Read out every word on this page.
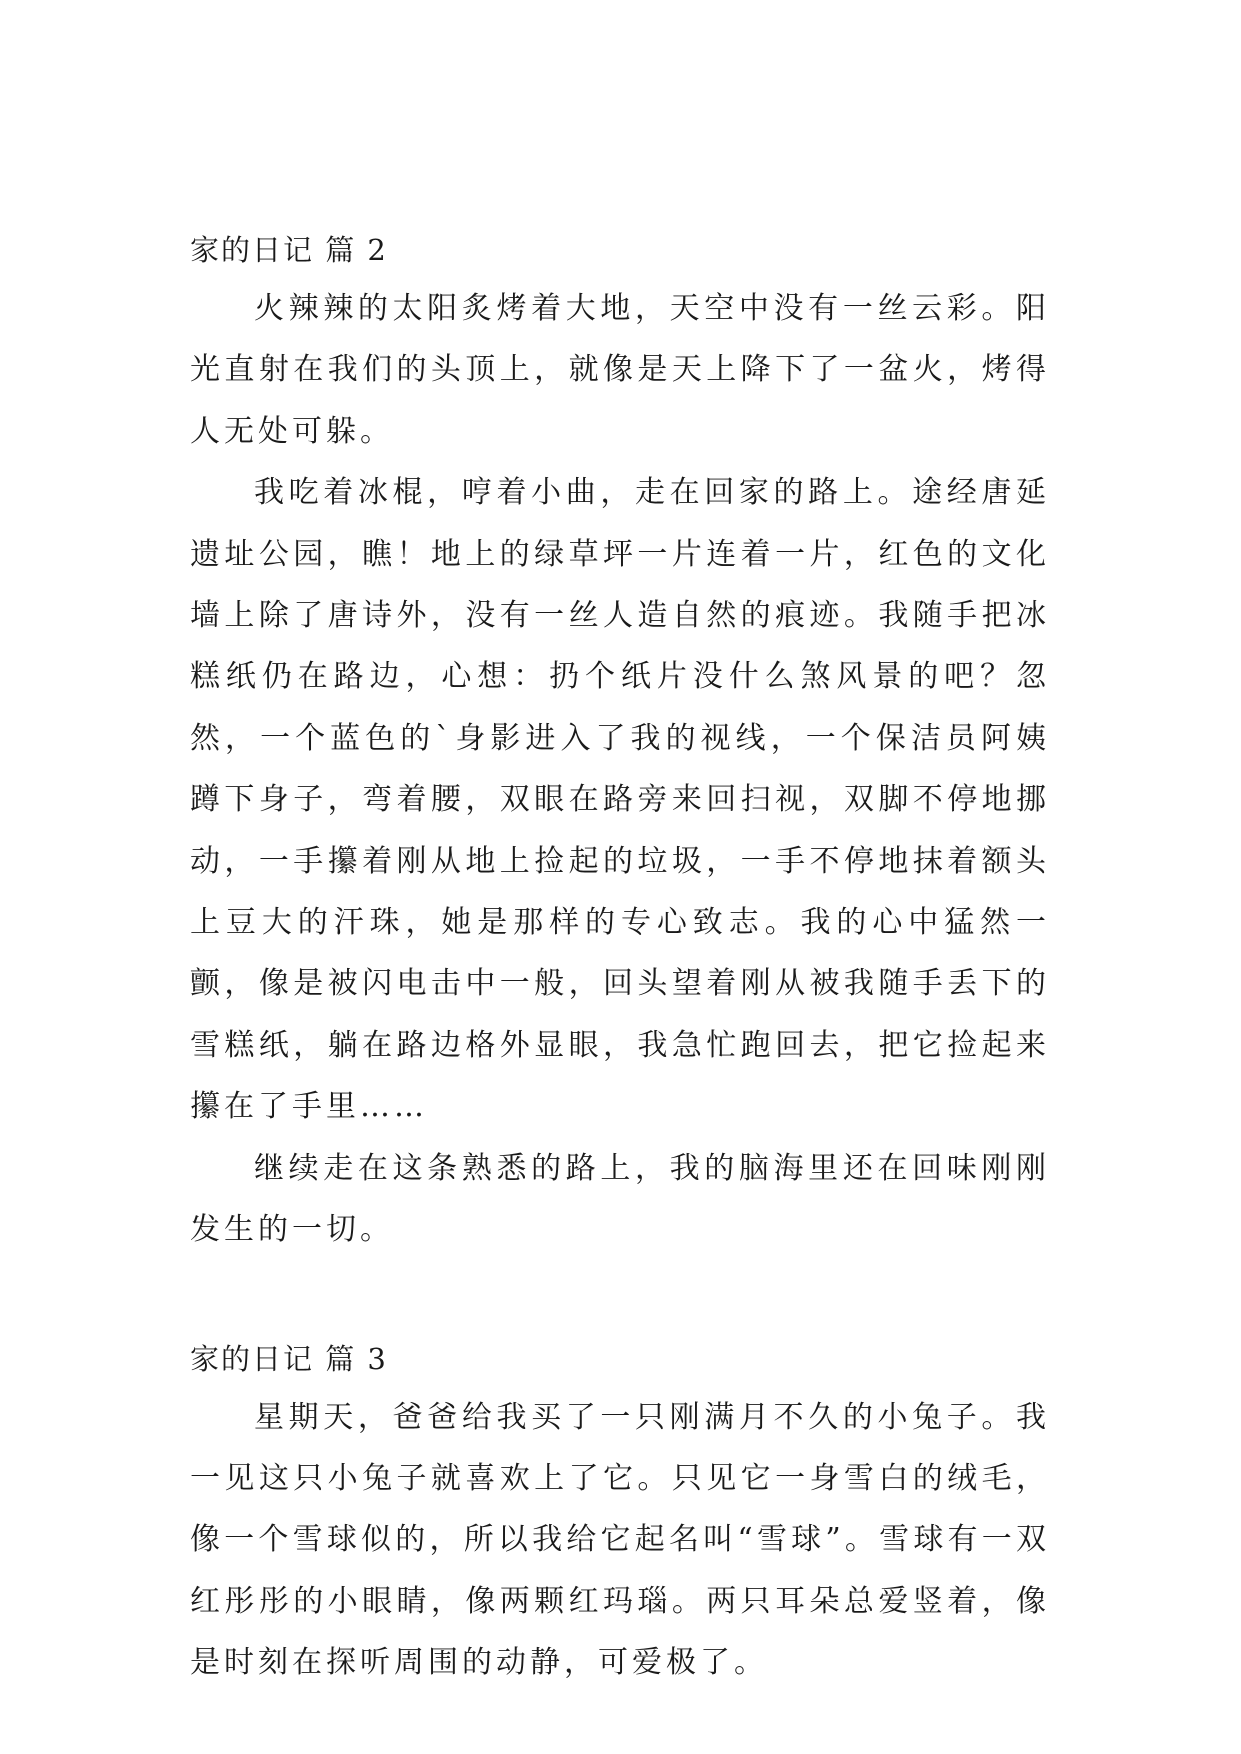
家的日记 篇 2

火辣辣的太阳炙烤着大地，天空中没有一丝云彩。阳光直射在我们的头顶上，就像是天上降下了一盆火，烤得人无处可躲。

我吃着冰棍，哼着小曲，走在回家的路上。途经唐延遗址公园，瞧！地上的绿草坪一片连着一片，红色的文化墙上除了唐诗外，没有一丝人造自然的痕迹。我随手把冰糕纸仍在路边，心想：扔个纸片没什么煞风景的吧？忽然，一个蓝色的`身影进入了我的视线，一个保洁员阿姨蹲下身子，弯着腰，双眼在路旁来回扫视，双脚不停地挪动，一手攥着刚从地上捡起的垃圾，一手不停地抹着额头上豆大的汗珠，她是那样的专心致志。我的心中猛然一颤，像是被闪电击中一般，回头望着刚从被我随手丢下的雪糕纸，躺在路边格外显眼，我急忙跑回去，把它捡起来攥在了手里……

继续走在这条熟悉的路上，我的脑海里还在回味刚刚发生的一切。

家的日记 篇 3

星期天，爸爸给我买了一只刚满月不久的小兔子。我一见这只小兔子就喜欢上了它。只见它一身雪白的绒毛，像一个雪球似的，所以我给它起名叫“雪球”。雪球有一双红彤彤的小眼睛，像两颗红玛瑙。两只耳朵总爱竖着，像是时刻在探听周围的动静，可爱极了。
